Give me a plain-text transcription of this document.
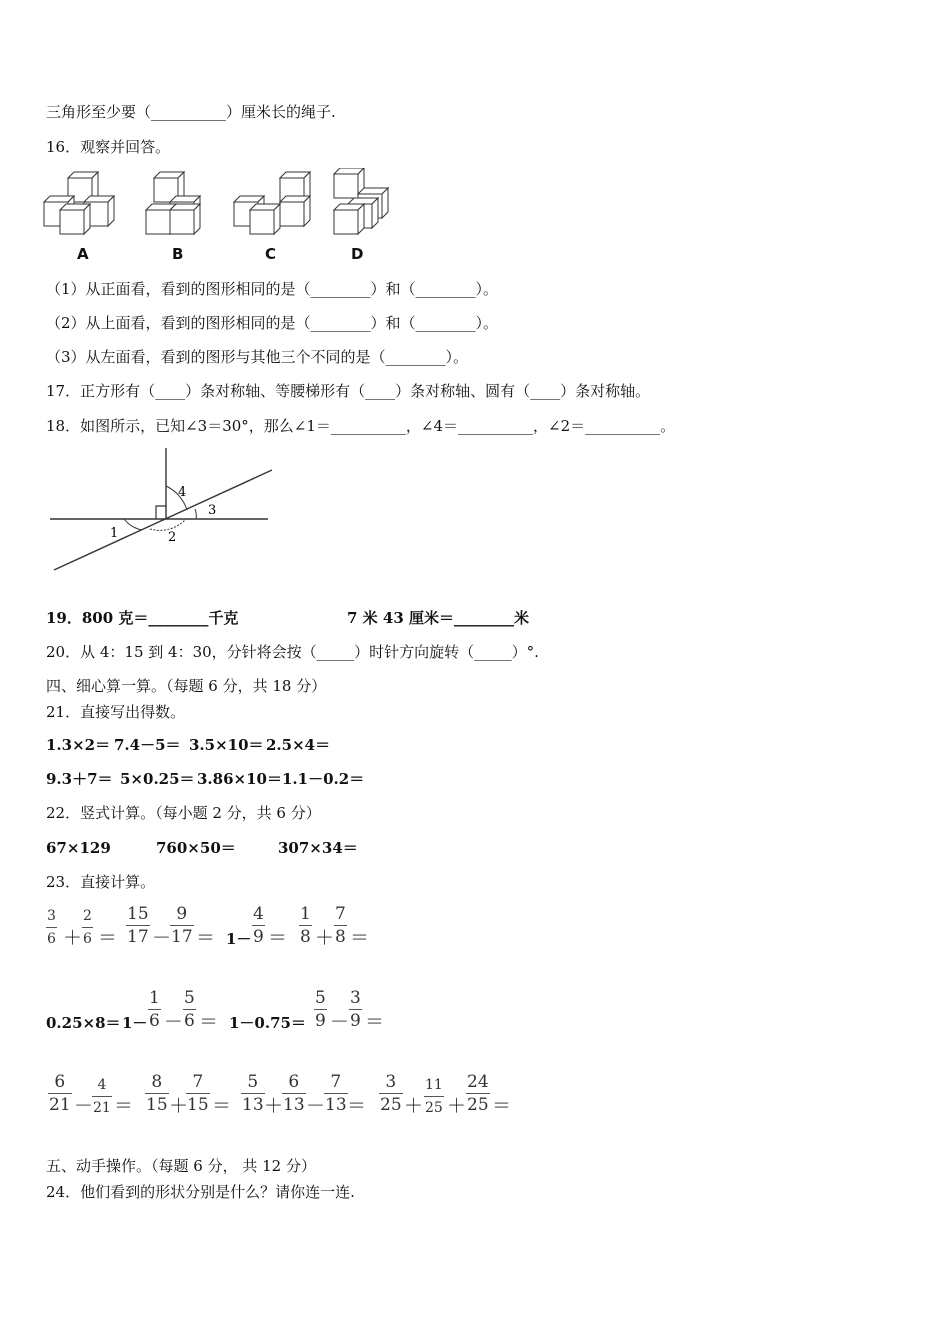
三角形至少要（__________）厘米长的绳子.
16．观察并回答。
A	B	C	D
（1）从正面看，看到的图形相同的是（________）和（________）。
（2）从上面看，看到的图形相同的是（________）和（________）。
（3）从左面看，看到的图形与其他三个不同的是（________）。
17．正方形有（____）条对称轴、等腰梯形有（____）条对称轴、圆有（____）条对称轴。
18．如图所示，已知∠3＝30°，那么∠1＝__________，∠4＝__________，∠2＝__________。
4
3
1	2
19．800 克＝________千克	7 米 43 厘米＝________米
20．从 4：15 到 4：30，分针将会按（_____）时针方向旋转（_____）°.
四、细心算一算。（每题 6 分，共 18 分）
21．直接写出得数。
1.3×2＝ 7.4－5＝ 3.5×10＝ 2.5×4＝
9.3＋7＝ 5×0.25＝ 3.86×10＝ 1.1－0.2＝
22．竖式计算。（每小题 2 分，共 6 分）
67×129	760×50＝	307×34＝
23．直接计算。
3
6 ＋
2
6 ＝
15
17 －
9
17 ＝ 1－
4
9 ＝
1
8 ＋
7
8 ＝
0.25×8＝ 1－
1
6 －
5
6 ＝ 1－0.75＝
5
9 －
3
9 ＝
6
21 －
4
21 ＝
8
15 ＋
7
15 ＝
5
13 ＋
6
13 －
7
13 ＝
3
25 ＋
11
25 ＋
24
25 ＝
五、动手操作。（每题 6 分， 共 12 分）
24．他们看到的形状分别是什么？请你连一连.
